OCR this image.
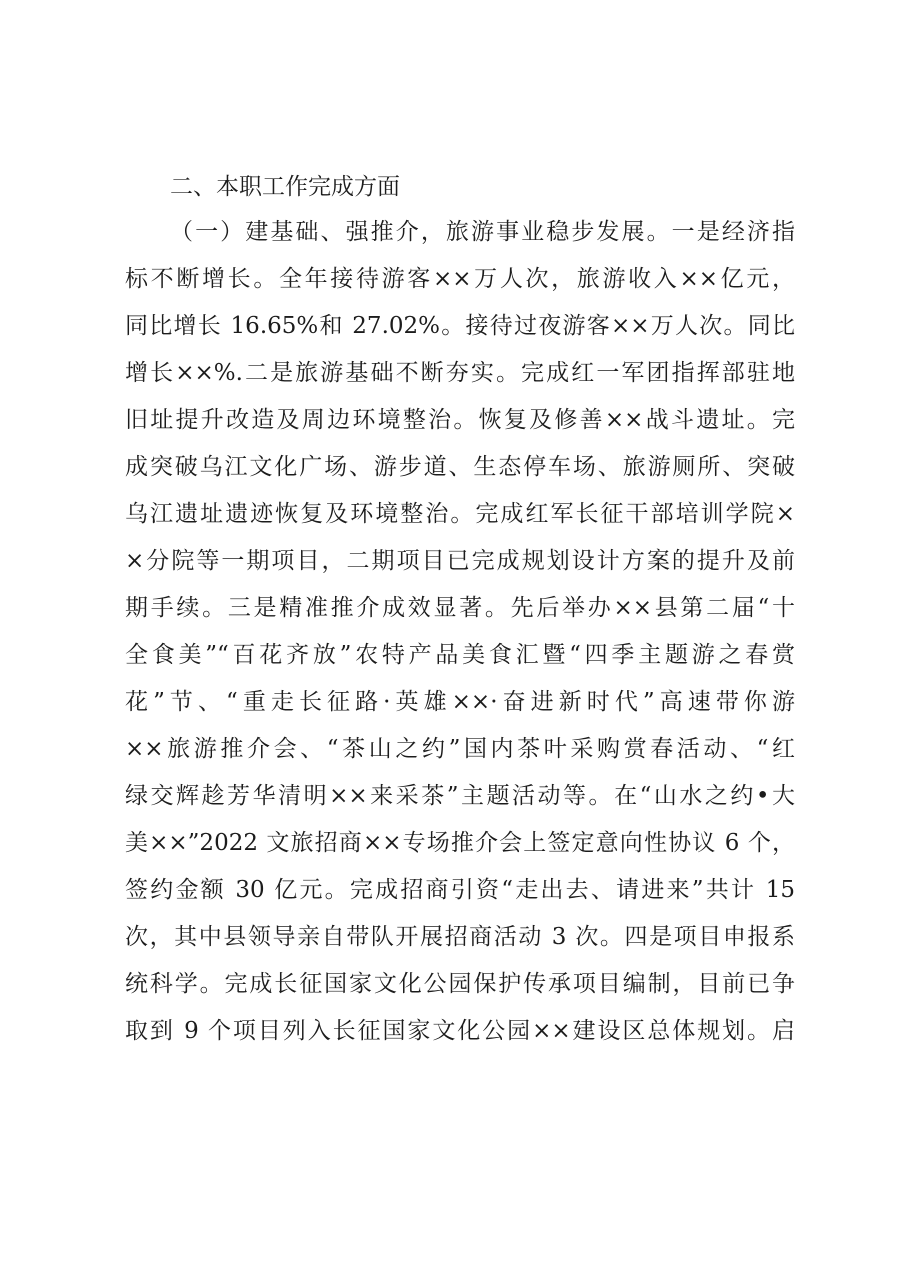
二、本职工作完成方面
（一）建基础、强推介，旅游事业稳步发展。一是经济指
标不断增长。全年接待游客××万人次，旅游收入××亿元，
同比增长 16.65%和 27.02%。接待过夜游客××万人次。同比
增长××%.二是旅游基础不断夯实。完成红一军团指挥部驻地
旧址提升改造及周边环境整治。恢复及修善××战斗遗址。完
成突破乌江文化广场、游步道、生态停车场、旅游厕所、突破
乌江遗址遗迹恢复及环境整治。完成红军长征干部培训学院×
×分院等一期项目，二期项目已完成规划设计方案的提升及前
期手续。三是精准推介成效显著。先后举办××县第二届“十
全食美”“百花齐放”农特产品美食汇暨“四季主题游之春赏
花”节、“重走长征路·英雄××·奋进新时代”高速带你游
××旅游推介会、“茶山之约”国内茶叶采购赏春活动、“红
绿交辉趁芳华清明××来采茶”主题活动等。在“山水之约•大
美××”2022 文旅招商××专场推介会上签定意向性协议 6 个，
签约金额 30 亿元。完成招商引资“走出去、请进来”共计 15
次，其中县领导亲自带队开展招商活动 3 次。四是项目申报系
统科学。完成长征国家文化公园保护传承项目编制，目前已争
取到 9 个项目列入长征国家文化公园××建设区总体规划。启
